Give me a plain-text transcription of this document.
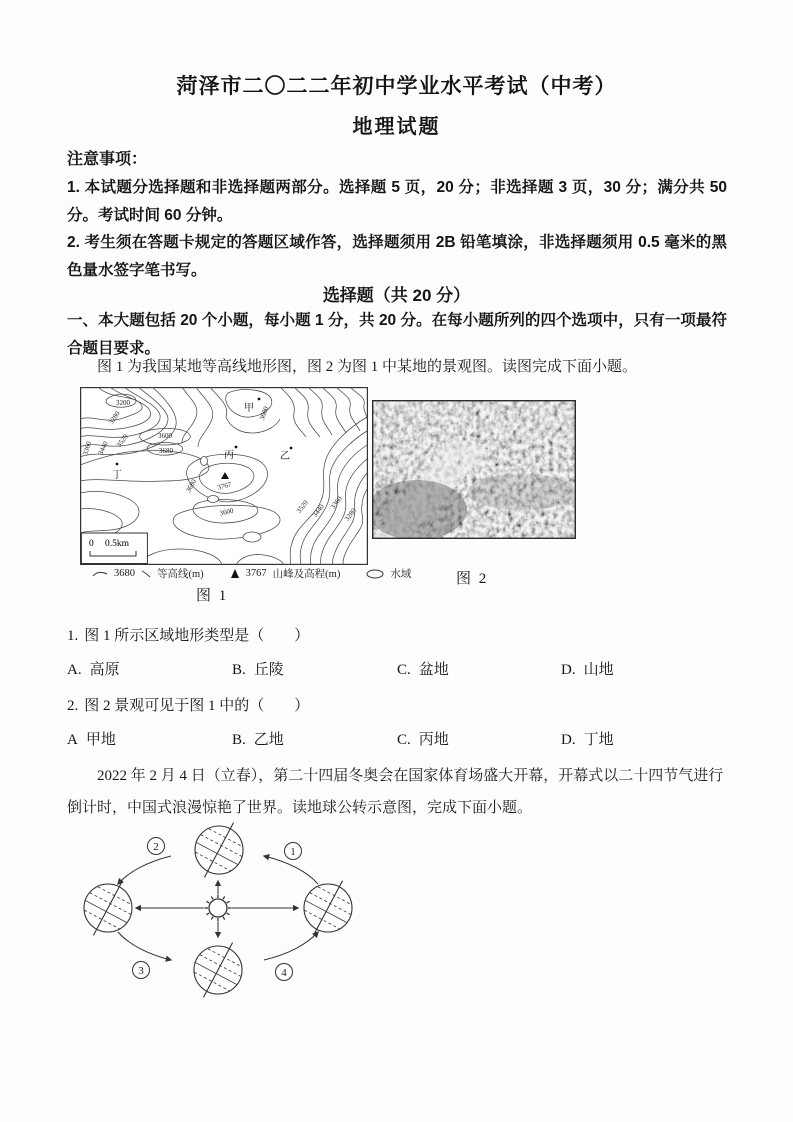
菏泽市二〇二二年初中学业水平考试（中考）
地理试题
注意事项：

1. 本试题分选择题和非选择题两部分。选择题 5 页，20 分；非选择题 3 页，30 分；满分共 50 分。考试时间 60 分钟。

2. 考生须在答题卡规定的答题区域作答，选择题须用 2B 铅笔填涂，非选择题须用 0.5 毫米的黑色量水签字笔书写。

选择题（共 20 分）
一、本大题包括 20 个小题，每小题 1 分，共 20 分。在每小题所列的四个选项中，只有一项最符合题目要求。
图 1 为我国某地等高线地形图，图 2 为图 1 中某地的景观图。读图完成下面小题。
3200
3280
3360 3440 3520	3600
3680
3680
3680
3600	3520 3440
3360
3280
甲
乙
丙
丁
3767
0 0.5km
3680 等高线(m)	3767 山峰及高程(m)	水域
图 1
图 2
1. 图 1 所示区域地形类型是（　　）
A. 高原	B. 丘陵	C. 盆地	D. 山地
2. 图 2 景观可见于图 1 中的（　　）
A 甲地	B. 乙地	C. 丙地	D. 丁地
2022 年 2 月 4 日（立春），第二十四届冬奥会在国家体育场盛大开幕，开幕式以二十四节气进行倒计时，中国式浪漫惊艳了世界。读地球公转示意图，完成下面小题。
1
2
3	4
